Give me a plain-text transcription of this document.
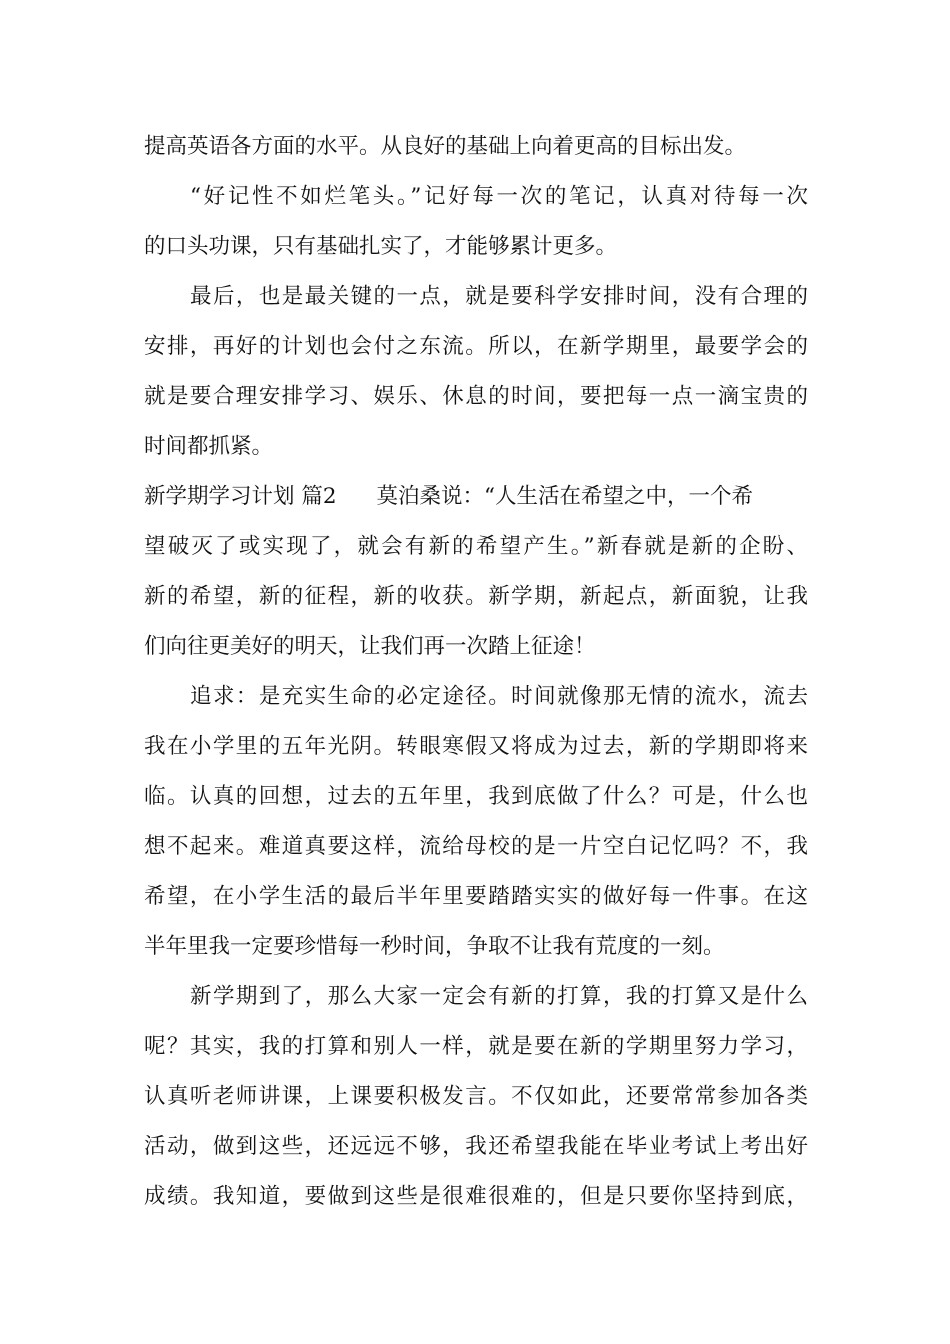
提高英语各方面的水平。从良好的基础上向着更高的目标出发。
“好记性不如烂笔头。”记好每一次的笔记，认真对待每一次
的口头功课，只有基础扎实了，才能够累计更多。
最后，也是最关键的一点，就是要科学安排时间，没有合理的
安排，再好的计划也会付之东流。所以，在新学期里，最要学会的
就是要合理安排学习、娱乐、休息的时间，要把每一点一滴宝贵的
时间都抓紧。
新学期学习计划 篇2 莫泊桑说：“人生活在希望之中，一个希
望破灭了或实现了，就会有新的希望产生。”新春就是新的企盼、
新的希望，新的征程，新的收获。新学期，新起点，新面貌，让我
们向往更美好的明天，让我们再一次踏上征途！
追求：是充实生命的必定途径。时间就像那无情的流水，流去
我在小学里的五年光阴。转眼寒假又将成为过去，新的学期即将来
临。认真的回想，过去的五年里，我到底做了什么？可是，什么也
想不起来。难道真要这样，流给母校的是一片空白记忆吗？不，我
希望，在小学生活的最后半年里要踏踏实实的做好每一件事。在这
半年里我一定要珍惜每一秒时间，争取不让我有荒度的一刻。
新学期到了，那么大家一定会有新的打算，我的打算又是什么
呢？其实，我的打算和别人一样，就是要在新的学期里努力学习，
认真听老师讲课，上课要积极发言。不仅如此，还要常常参加各类
活动，做到这些，还远远不够，我还希望我能在毕业考试上考出好
成绩。我知道，要做到这些是很难很难的，但是只要你坚持到底，
